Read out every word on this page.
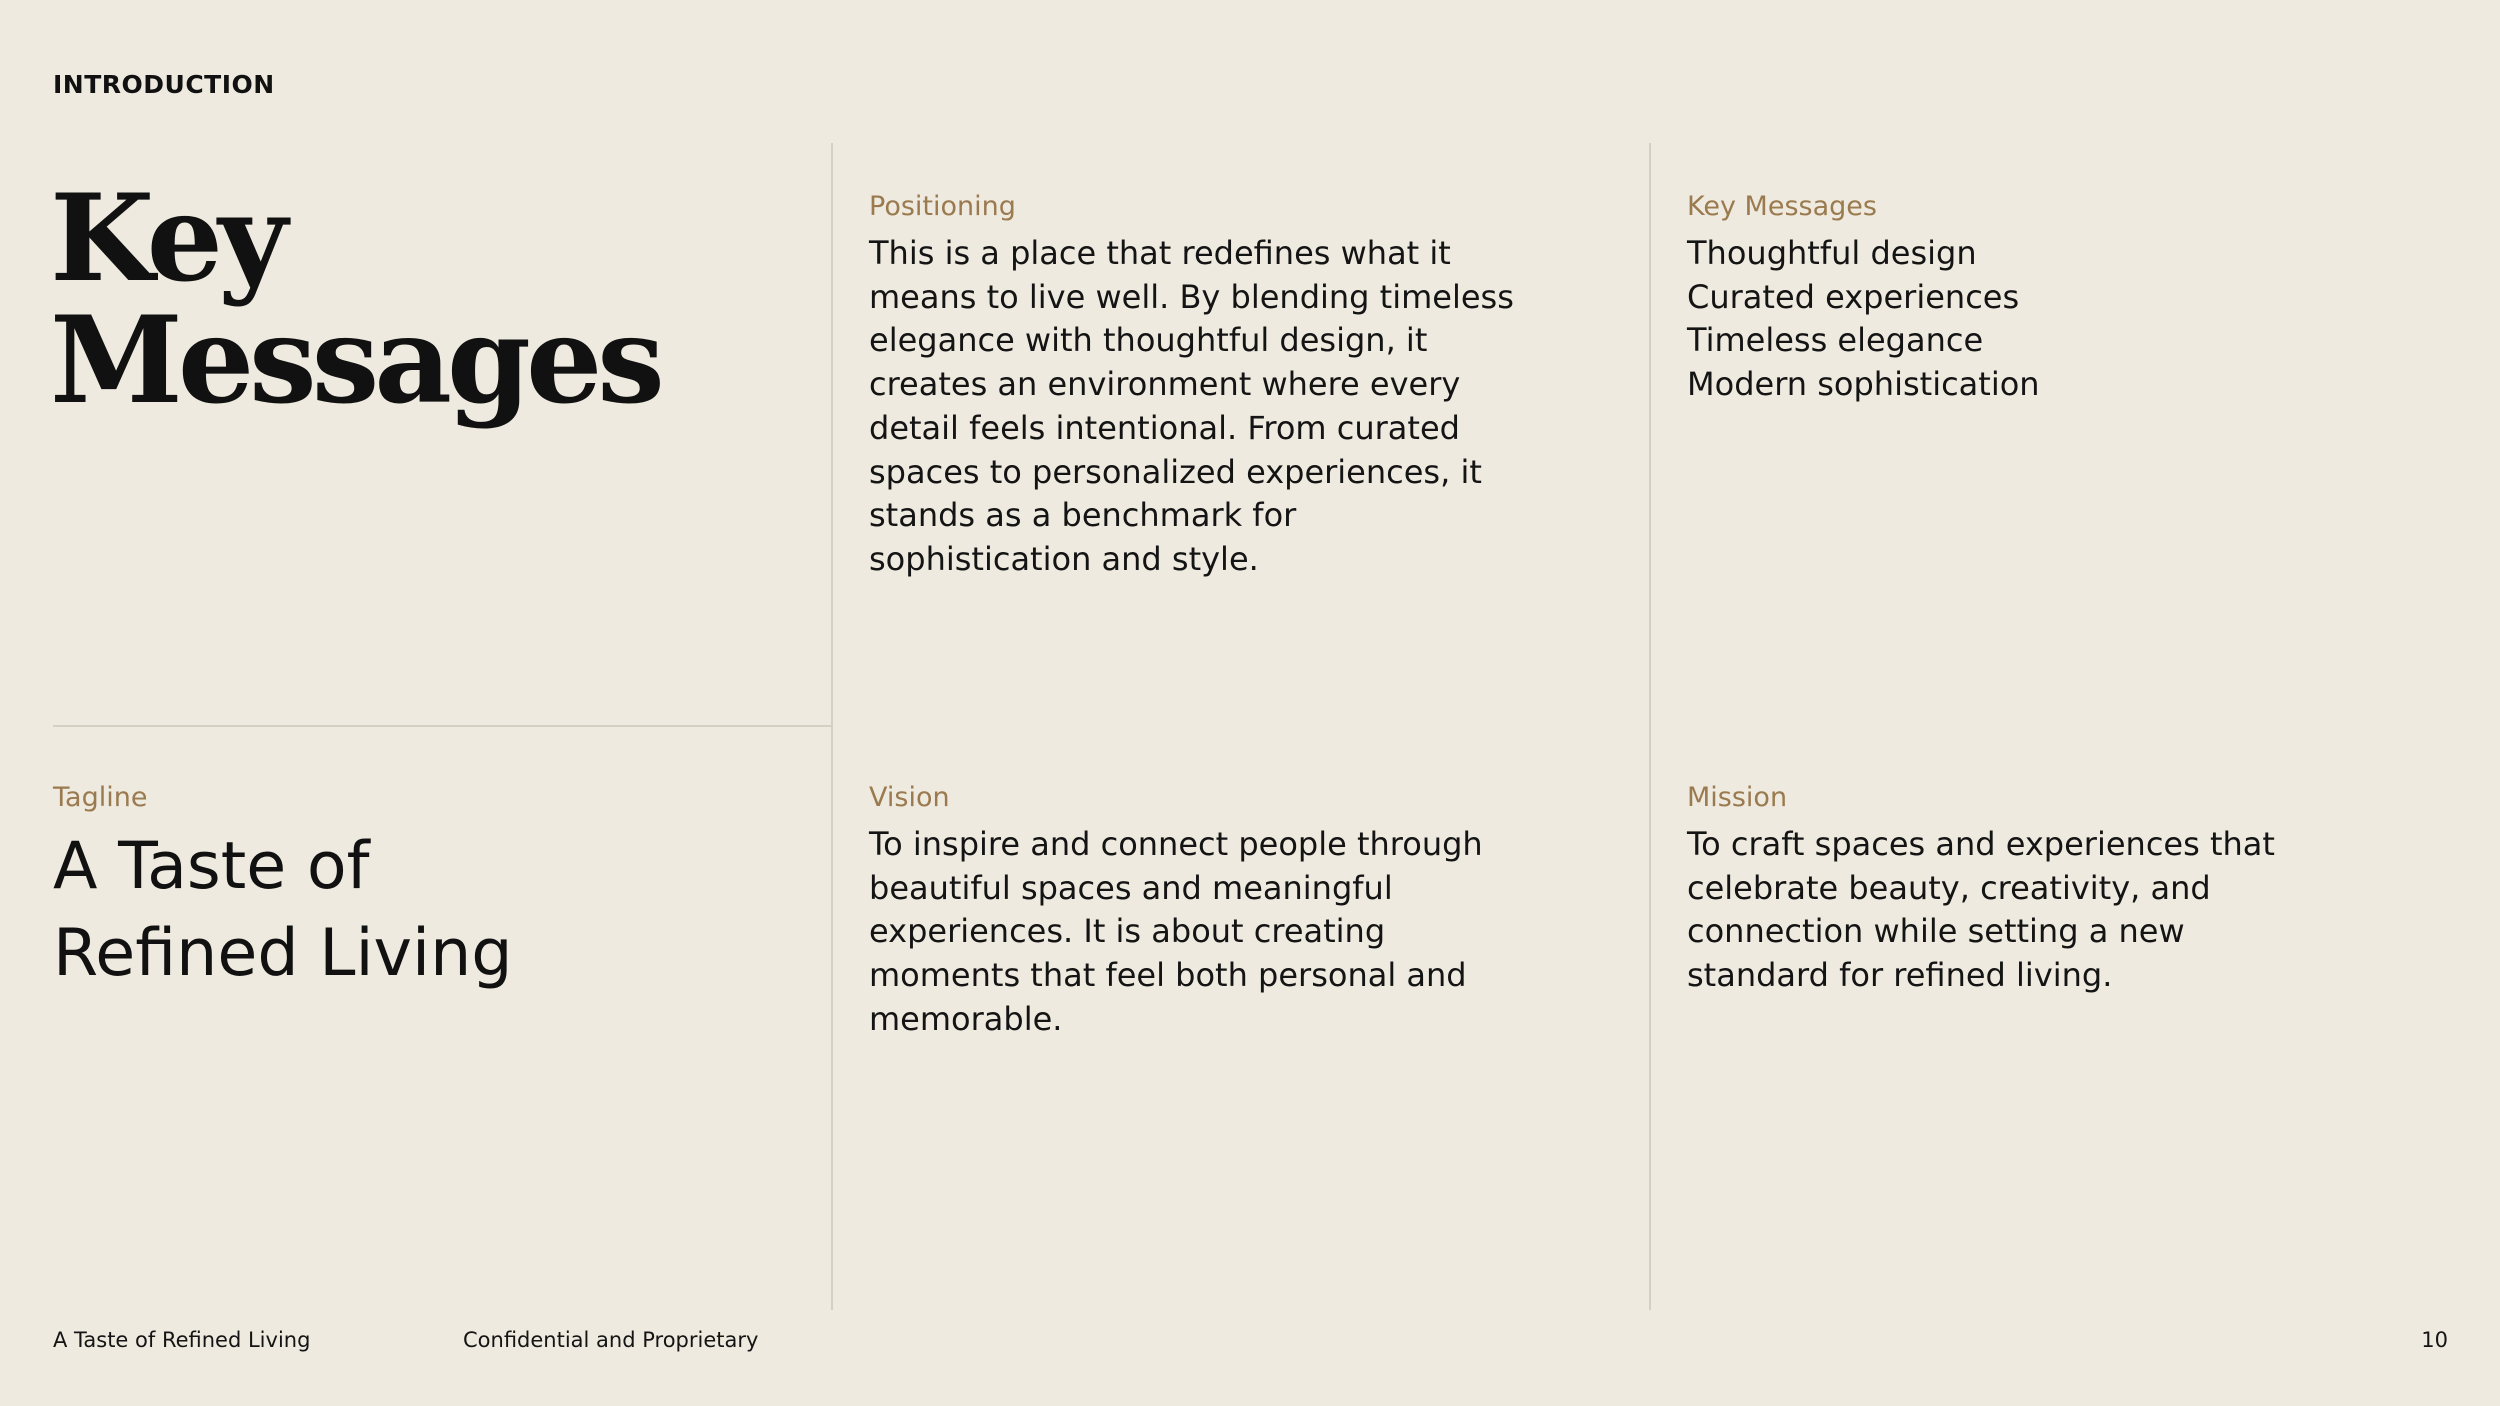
INTRODUCTION
Key Messages
Positioning

This is a place that redefines what it means to live well. By blending timeless elegance with thoughtful design, it creates an environment where every detail feels intentional. From curated spaces to personalized experiences, it stands as a benchmark for sophistication and style.

Key Messages
Thoughtful design
Curated experiences
Timeless elegance
Modern sophistication
Tagline
A Taste of Refined Living
Vision

To inspire and connect people through beautiful spaces and meaningful experiences. It is about creating moments that feel both personal and memorable.

Mission

To craft spaces and experiences that celebrate beauty, creativity, and connection while setting a new standard for refined living.

A Taste of Refined Living	Confidential and Proprietary	10
